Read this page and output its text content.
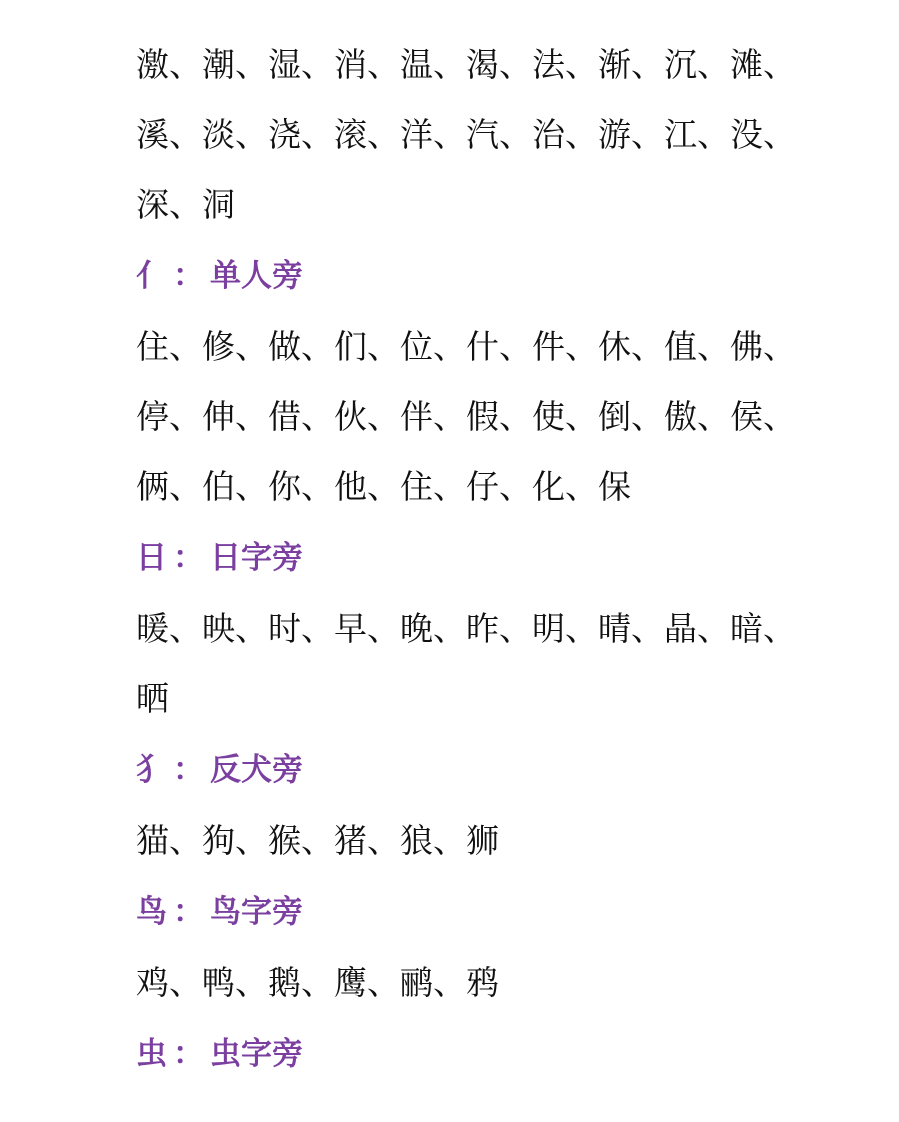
激、潮、湿、消、温、渴、法、渐、沉、滩、溪、淡、浇、滚、洋、汽、治、游、江、没、深、洞

亻 ： 单人旁

住、修、做、们、位、什、件、休、值、佛、停、伸、借、伙、伴、假、使、倒、傲、侯、俩、伯、你、他、住、仔、化、保

日 ： 日字旁

暖、映、时、早、晚、昨、明、晴、晶、暗、晒

犭 ： 反犬旁

猫、狗、猴、猪、狼、狮

鸟 ： 鸟字旁

鸡、鸭、鹅、鹰、鹂、鸦

虫 ： 虫字旁
